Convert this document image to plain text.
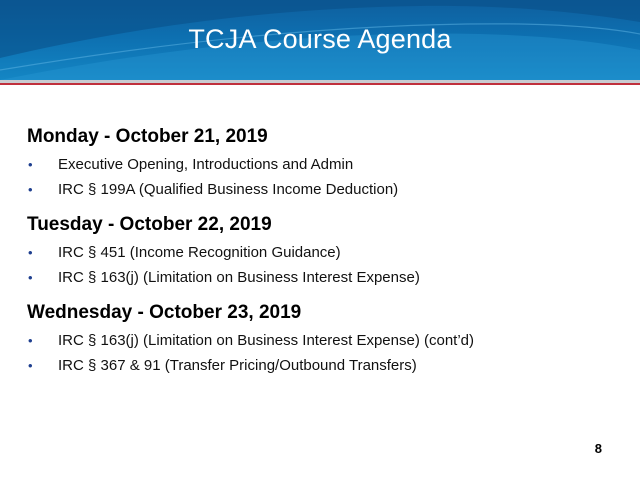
TCJA Course Agenda
Monday - October 21, 2019
• Executive Opening, Introductions and Admin
• IRC § 199A (Qualified Business Income Deduction)
Tuesday - October 22, 2019
• IRC § 451 (Income Recognition Guidance)
• IRC § 163(j) (Limitation on Business Interest Expense)
Wednesday - October 23, 2019
• IRC § 163(j) (Limitation on Business Interest Expense) (cont’d)
• IRC § 367 & 91 (Transfer Pricing/Outbound Transfers)
8
